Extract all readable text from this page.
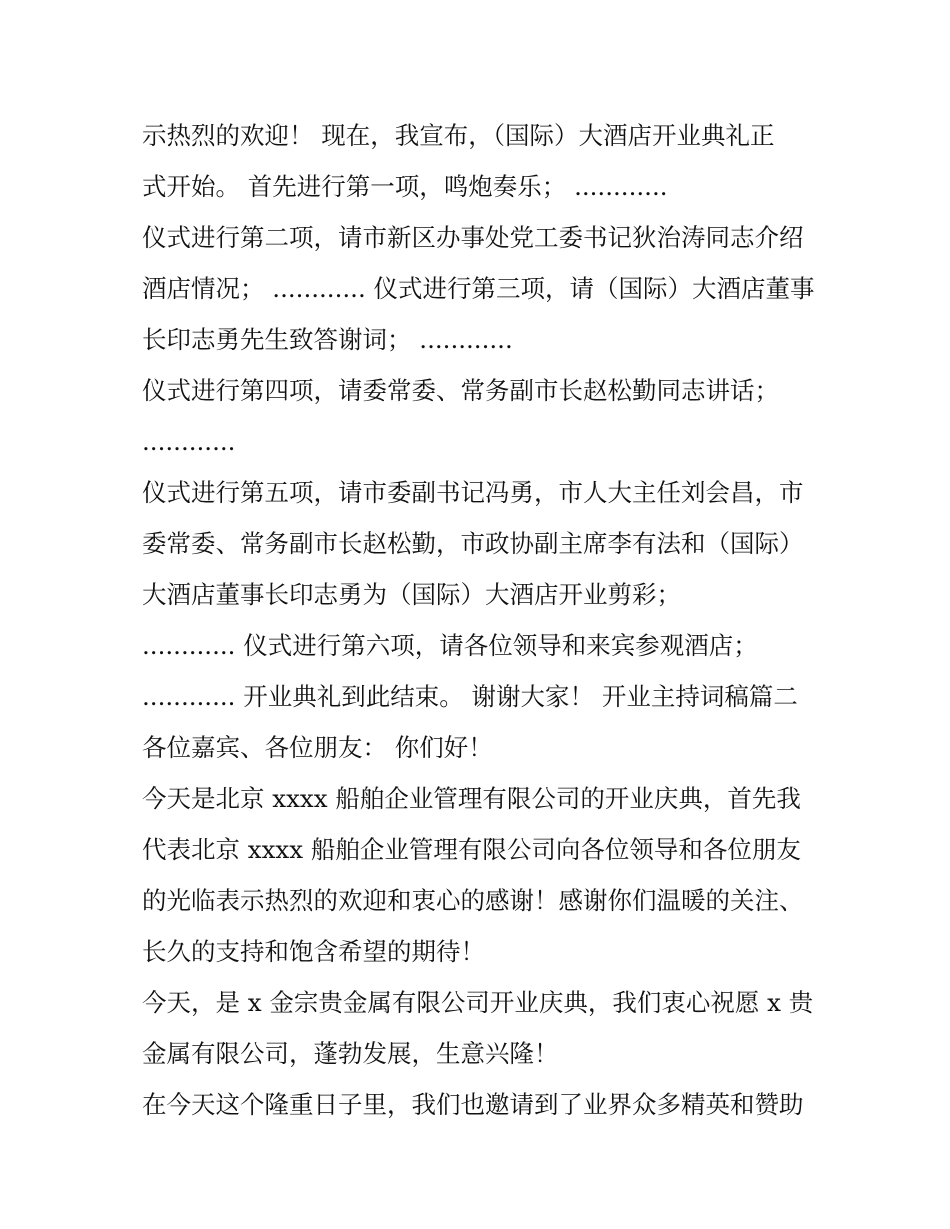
示热烈的欢迎！ 现在，我宣布，（国际）大酒店开业典礼正
式开始。 首先进行第一项，鸣炮奏乐； ............
仪式进行第二项，请市新区办事处党工委书记狄治涛同志介绍
酒店情况； ............ 仪式进行第三项，请（国际）大酒店董事
长印志勇先生致答谢词； ............
仪式进行第四项，请委常委、常务副市长赵松勤同志讲话；
............
仪式进行第五项，请市委副书记冯勇，市人大主任刘会昌，市
委常委、常务副市长赵松勤，市政协副主席李有法和（国际）
大酒店董事长印志勇为（国际）大酒店开业剪彩；
............ 仪式进行第六项，请各位领导和来宾参观酒店；
............ 开业典礼到此结束。 谢谢大家！ 开业主持词稿篇二
各位嘉宾、各位朋友： 你们好！
今天是北京 xxxx 船舶企业管理有限公司的开业庆典，首先我
代表北京 xxxx 船舶企业管理有限公司向各位领导和各位朋友
的光临表示热烈的欢迎和衷心的感谢！感谢你们温暖的关注、
长久的支持和饱含希望的期待！
今天，是 x 金宗贵金属有限公司开业庆典，我们衷心祝愿 x 贵
金属有限公司，蓬勃发展，生意兴隆！
在今天这个隆重日子里，我们也邀请到了业界众多精英和赞助
